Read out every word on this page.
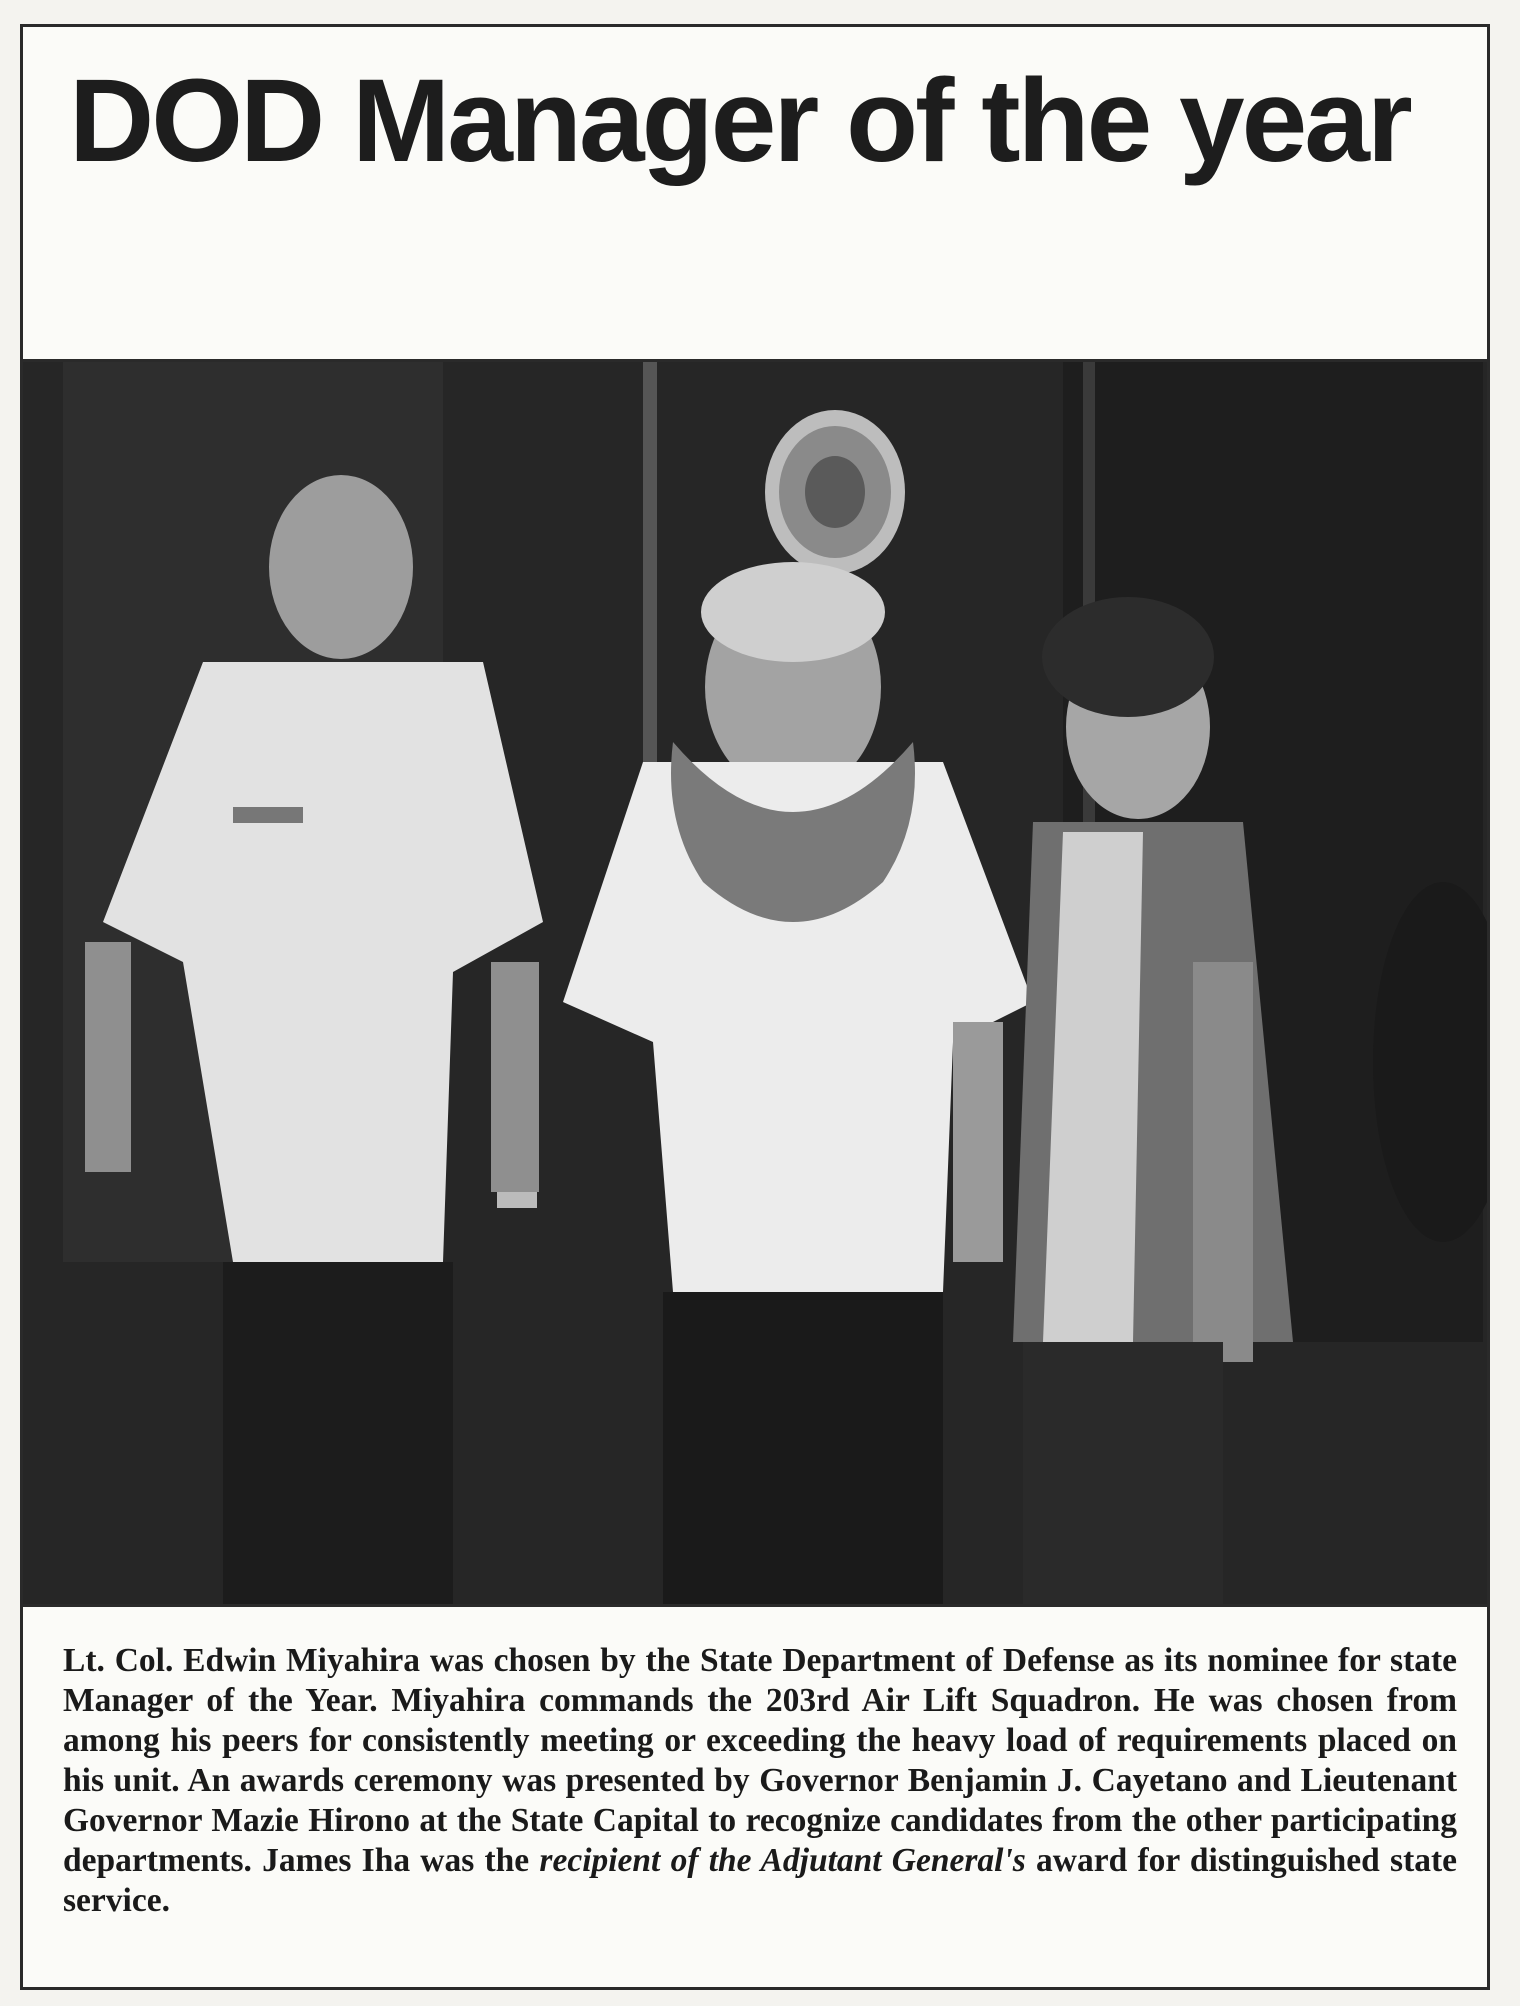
DOD Manager of the year

Lt. Col. Edwin Miyahira was chosen by the State Department of Defense as its nominee for state Manager of the Year. Miyahira commands the 203rd Air Lift Squadron. He was chosen from among his peers for consistently meeting or exceeding the heavy load of requirements placed on his unit. An awards ceremony was presented by Governor Benjamin J. Cayetano and Lieutenant Governor Mazie Hirono at the State Capital to recognize candidates from the other participating departments. James Iha was the recipient of the Adjutant General's award for distinguished state service.
